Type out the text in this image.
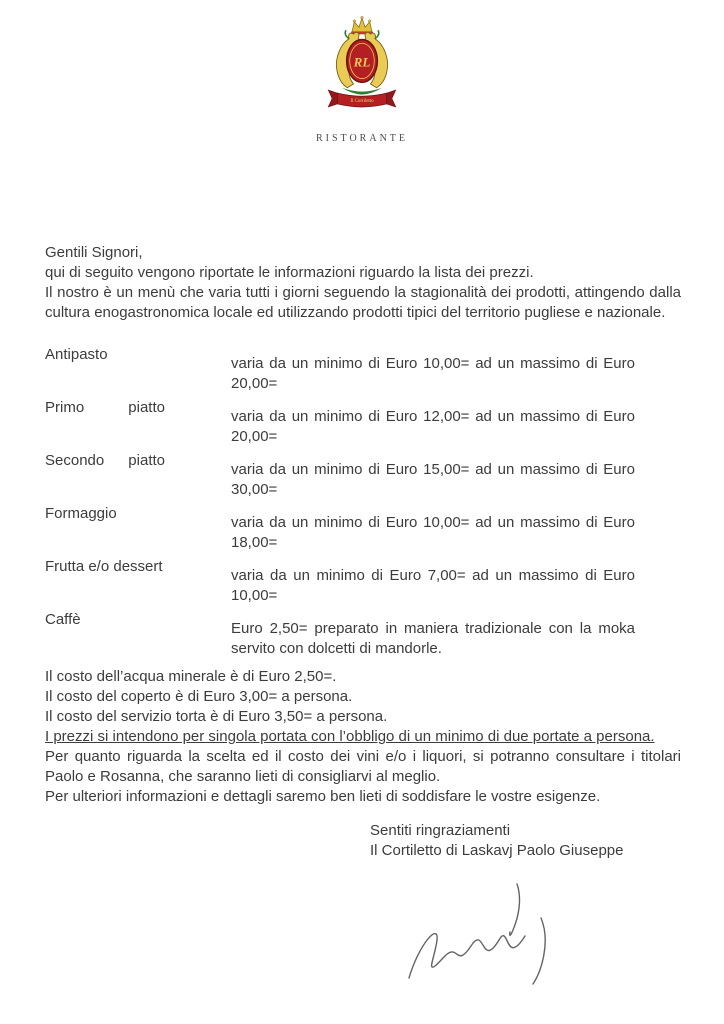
RL
Il Cortiletto
RISTORANTE

Gentili Signori,

qui di seguito vengono riportate le informazioni riguardo la lista dei prezzi.

Il nostro è un menù che varia tutti i giorni seguendo la stagionalità dei prodotti, attingendo dalla cultura enogastronomica locale ed utilizzando prodotti tipici del territorio pugliese e nazionale.

Antipasto
varia da un minimo di Euro 10,00= ad un massimo di Euro 20,00=
Primo piatto
varia da un minimo di Euro 12,00= ad un massimo di Euro 20,00=
Secondo piatto
varia da un minimo di Euro 15,00= ad un massimo di Euro 30,00=
Formaggio
varia da un minimo di Euro 10,00= ad un massimo di Euro 18,00=
Frutta e/o dessert
varia da un minimo di Euro 7,00= ad un massimo di Euro 10,00=
Caffè
Euro 2,50= preparato in maniera tradizionale con la moka servito con dolcetti di mandorle.

Il costo dell’acqua minerale è di Euro 2,50=.

Il costo del coperto è di Euro 3,00= a persona.

Il costo del servizio torta è di Euro 3,50= a persona.

I prezzi si intendono per singola portata con l’obbligo di un minimo di due portate a persona.

Per quanto riguarda la scelta ed il costo dei vini e/o i liquori, si potranno consultare i titolari Paolo e Rosanna, che saranno lieti di consigliarvi al meglio.

Per ulteriori informazioni e dettagli saremo ben lieti di soddisfare le vostre esigenze.

Sentiti ringraziamenti

Il Cortiletto di Laskavj Paolo Giuseppe
